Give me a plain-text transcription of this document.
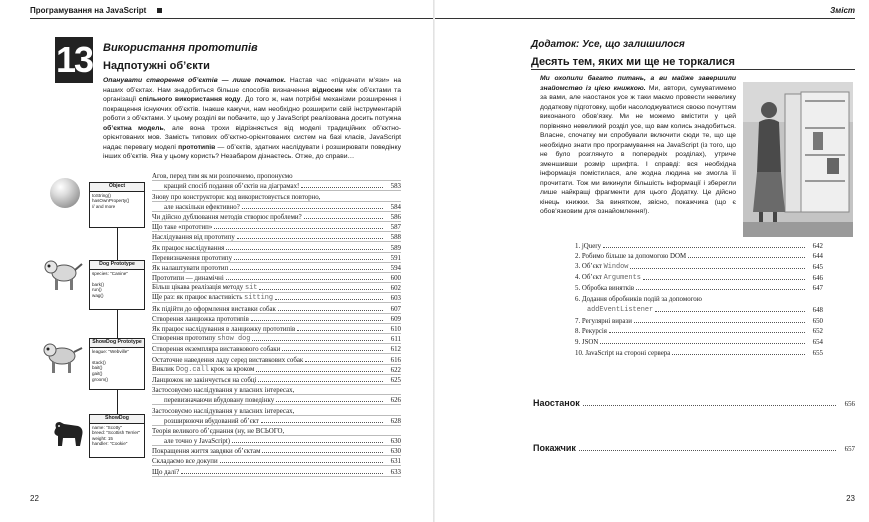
Програмування на JavaScript
13 Використання прототипів
Надпотужні об’єкти
Опанувати створення об’єктів — лише початок. Настав час «підкачати м’язи» на наших об’єктах. Нам знадобиться більше способів визначення відносин між об’єктами та організації спільного використання коду. До того ж, нам потрібні механізми розширення і покращення існуючих об’єктів. Інакше кажучи, нам необхідно розширити свій інструментарій роботи з об’єктами. У цьому розділі ви побачите, що у JavaScript реалізована досить потужна об’єктна модель, але вона трохи відрізняється від моделі традиційних об’єктно-орієнтованих мов. Замість типових об’єктно-орієнтованих систем на базі класів, JavaScript надає перевагу моделі прототипів — об’єктів, здатних наслідувати і розширювати поведінку інших об’єктів. Яка у цьому користь? Незабаром дізнаєтесь. Отже, до справи…
Object
toString()
hasOwnProperty()
// and more
Dog Prototype
species: "Canine"

bark()
run()
wag()
ShowDog Prototype
league: "Webville"

stack()
bait()
gait()
groom()
ShowDog
name: "Scotty"
breed: "Scottish Terrier"
weight: 15
handler: "Cookie"
Агов, перед тим як ми розпочнемо, пропонуємо
кращий спосіб подання об’єктів на діаграмах!	583
Знову про конструктори: код використовується повторно,
але наскільки ефективно?	584
Чи дійсно дублювання методів створює проблеми?	586
Що таке «прототип»	587
Наслідування від прототипу	588
Як працює наслідування	589
Перевизначення прототипу	591
Як налаштувати прототип	594
Прототипи — динамічні	600
Більш цікава реалізація методу sit	602
Ще раз: як працює властивість sitting	603
Як підійти до оформлення виставки собак	607
Створення ланцюжка прототипів	609
Як працює наслідування в ланцюжку прототипів	610
Створення прототипу show dog	611
Створення екземпляра виставкового собаки	612
Остаточне наведення ладу серед виставкових собак	616
Виклик Dog.call крок за кроком	622
Ланцюжок не закінчується на собці	625
Застосовуємо наслідування у власних інтересах,
перевизначаючи вбудовану поведінку	626
Застосовуємо наслідування у власних інтересах,
розширюючи вбудований об’єкт	628
Теорія великого об’єднання (ну, не ВСЬОГО,
але точно у JavaScript)	630
Покращення життя завдяки об’єктам	630
Складаємо все докупи	631
Що далі?	633
22
Зміст
Додаток: Усе, що залишилося
Десять тем, яких ми ще не торкалися
Ми охопили багато питань, а ви майже завершили знайомство із цією книжкою. Ми, автори, сумуватимемо за вами, але наостанок усе ж таки маємо провести невелику додаткову підготовку, щоби насолоджуватися своєю почуттям виконаного обов’язку. Ми не можемо вмістити у цей порівняно невеликий розділ усе, що вам колись знадобиться. Власне, спочатку ми спробували включити сюди те, що ще необхідно знати про програмування на JavaScript (із того, що не було розглянуто в попередніх розділах), утриче зменшивши розмір шрифта. І справді: вся необхідна інформація помістилася, але жодна людина не змогла її прочитати. Тож ми викинули більшість інформації і зберегли лише найкращі фрагменти для цього Додатку. Це дійсно кінець книжки. За винятком, звісно, покажчика (що є обов’язковим для ознайомлення!).
1. jQuery	642
2. Робимо більше за допомогою DOM	644
3. Об’єкт Window	645
4. Об’єкт Arguments	646
5. Обробка винятків	647
6. Додання обробників подій за допомогою
addEventListener	648
7. Регулярні вирази	650
8. Рекурсія	652
9. JSON	654
10. JavaScript на стороні сервера	655
Наостанок	656
Покажчик	657
23
